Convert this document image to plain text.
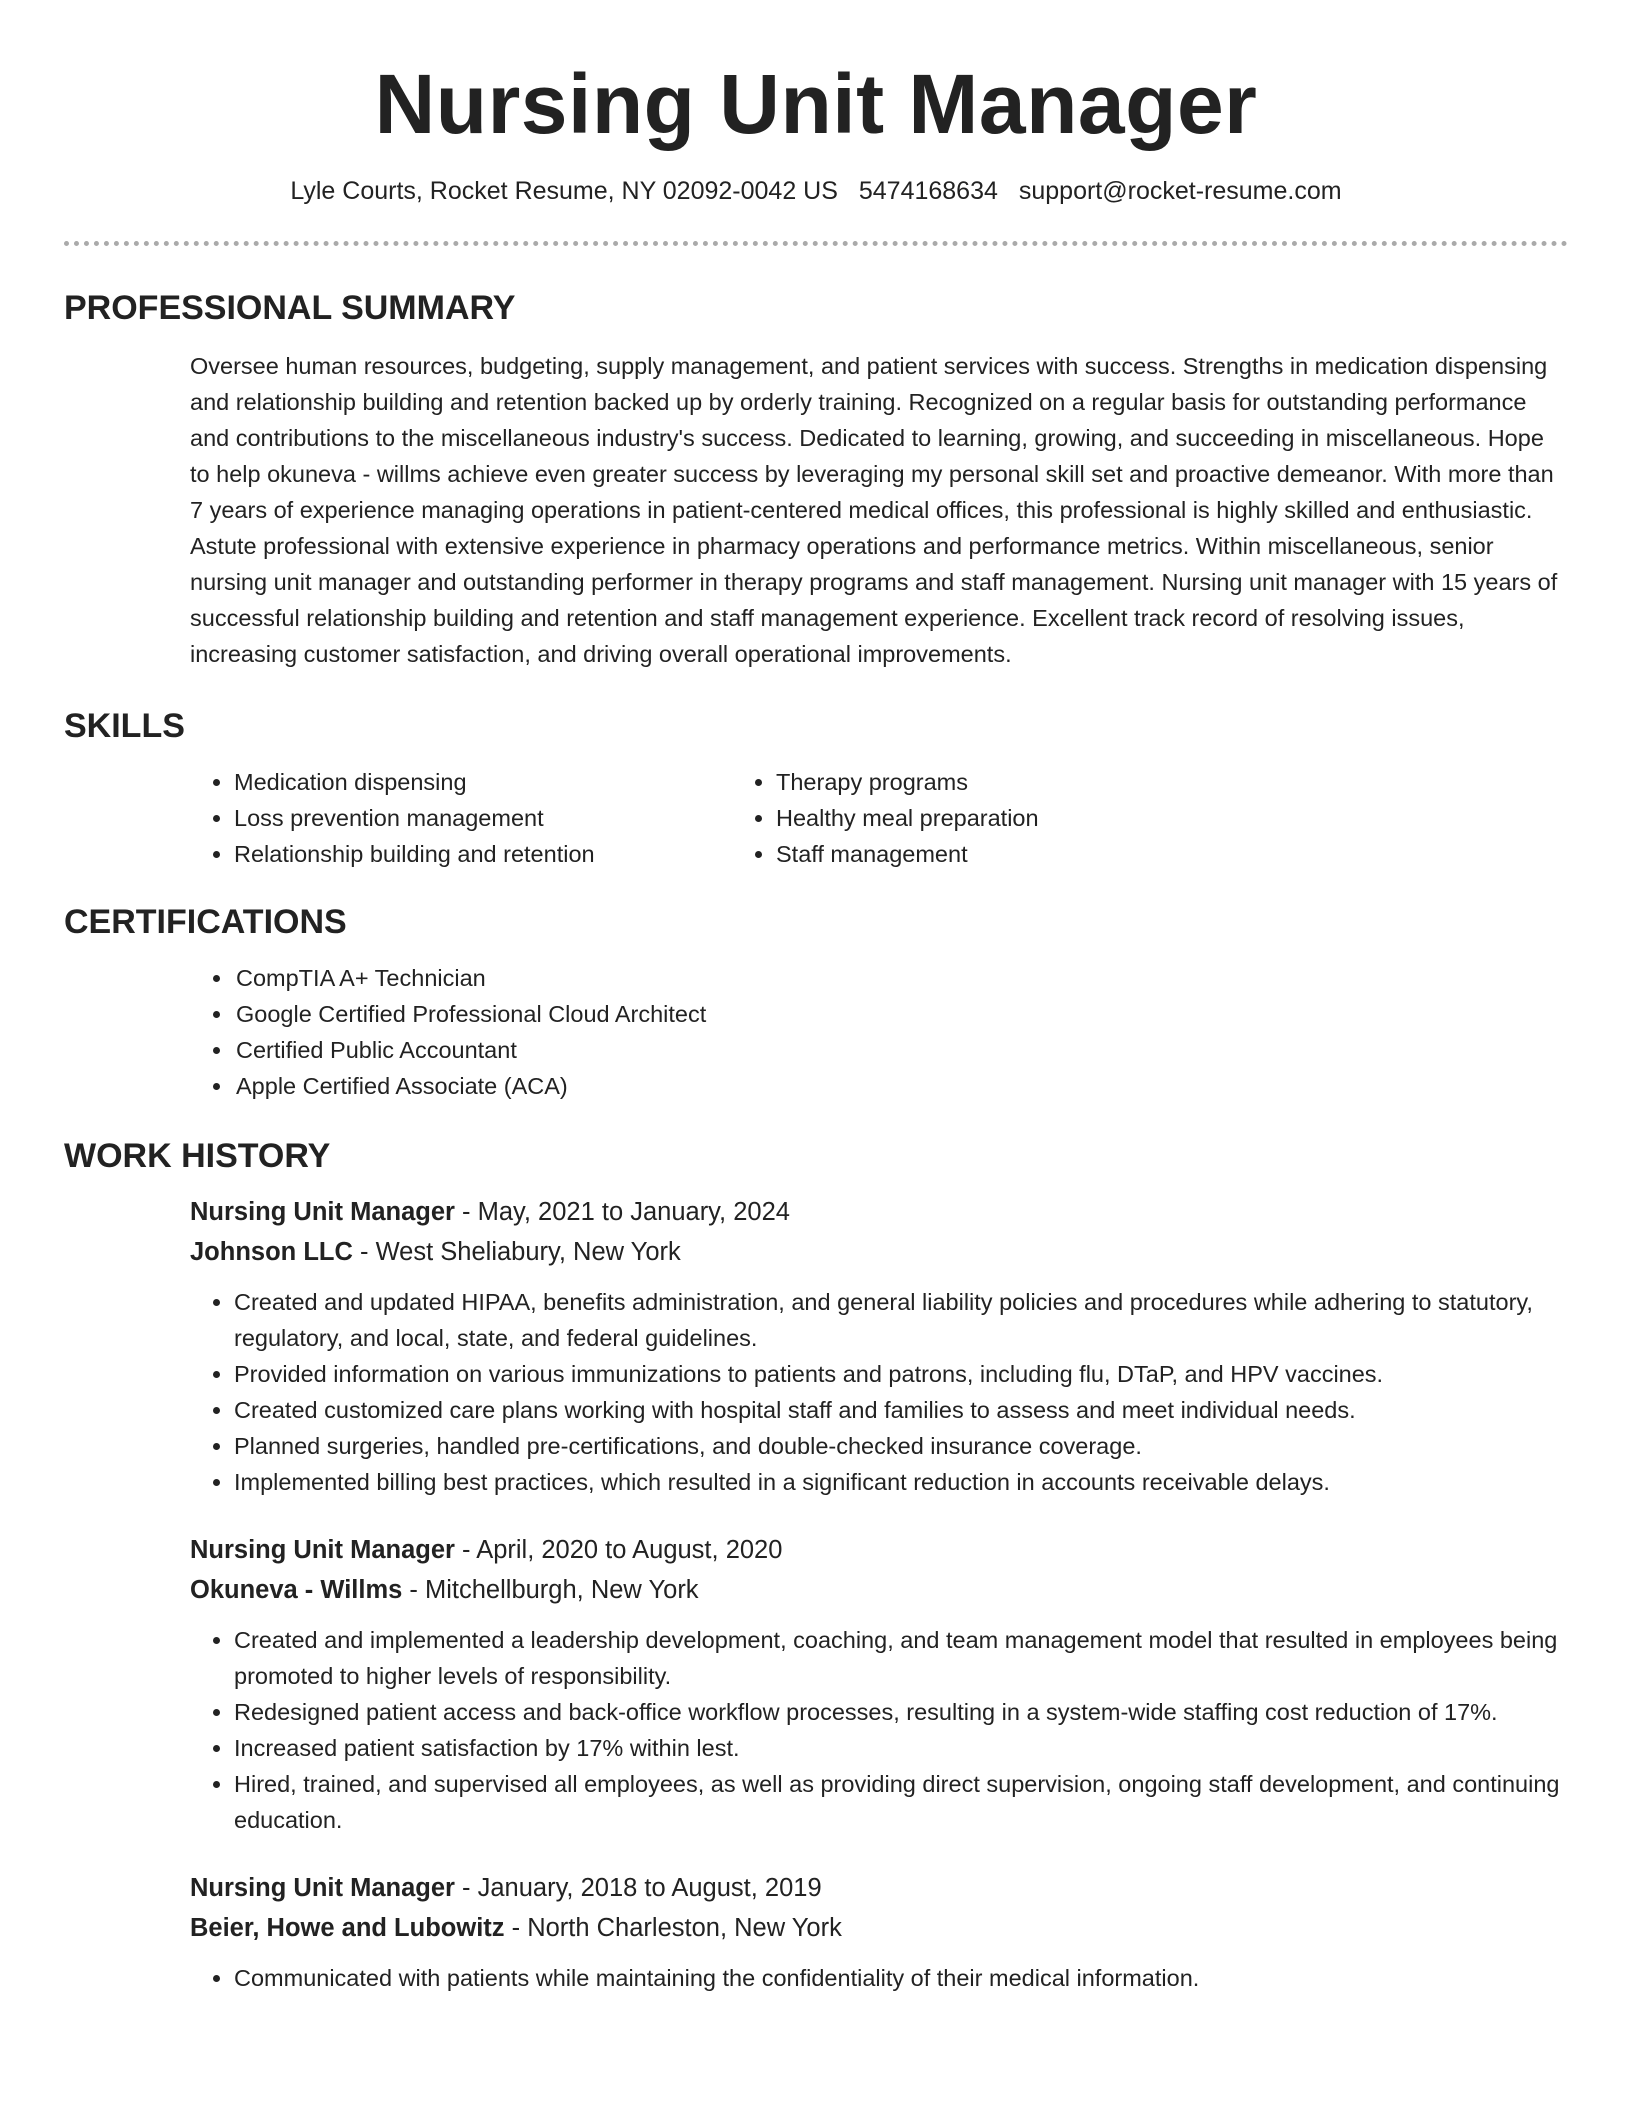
Nursing Unit Manager
Lyle Courts, Rocket Resume, NY 02092-0042 US 5474168634 support@rocket-resume.com
PROFESSIONAL SUMMARY

Oversee human resources, budgeting, supply management, and patient services with success. Strengths in medication dispensing and relationship building and retention backed up by orderly training. Recognized on a regular basis for outstanding performance and contributions to the miscellaneous industry's success. Dedicated to learning, growing, and succeeding in miscellaneous. Hope to help okuneva - willms achieve even greater success by leveraging my personal skill set and proactive demeanor. With more than 7 years of experience managing operations in patient-centered medical offices, this professional is highly skilled and enthusiastic. Astute professional with extensive experience in pharmacy operations and performance metrics. Within miscellaneous, senior nursing unit manager and outstanding performer in therapy programs and staff management. Nursing unit manager with 15 years of successful relationship building and retention and staff management experience. Excellent track record of resolving issues, increasing customer satisfaction, and driving overall operational improvements.

SKILLS
• Medication dispensing
• Loss prevention management
• Relationship building and retention
• Therapy programs
• Healthy meal preparation
• Staff management
CERTIFICATIONS
• CompTIA A+ Technician
• Google Certified Professional Cloud Architect
• Certified Public Accountant
• Apple Certified Associate (ACA)
WORK HISTORY
Nursing Unit Manager - May, 2021 to January, 2024
Johnson LLC - West Sheliabury, New York
• Created and updated HIPAA, benefits administration, and general liability policies and procedures while adhering to statutory, regulatory, and local, state, and federal guidelines.
• Provided information on various immunizations to patients and patrons, including flu, DTaP, and HPV vaccines.
• Created customized care plans working with hospital staff and families to assess and meet individual needs.
• Planned surgeries, handled pre-certifications, and double-checked insurance coverage.
• Implemented billing best practices, which resulted in a significant reduction in accounts receivable delays.
Nursing Unit Manager - April, 2020 to August, 2020
Okuneva - Willms - Mitchellburgh, New York
• Created and implemented a leadership development, coaching, and team management model that resulted in employees being promoted to higher levels of responsibility.
• Redesigned patient access and back-office workflow processes, resulting in a system-wide staffing cost reduction of 17%.
• Increased patient satisfaction by 17% within lest.
• Hired, trained, and supervised all employees, as well as providing direct supervision, ongoing staff development, and continuing education.
Nursing Unit Manager - January, 2018 to August, 2019
Beier, Howe and Lubowitz - North Charleston, New York
• Communicated with patients while maintaining the confidentiality of their medical information.
